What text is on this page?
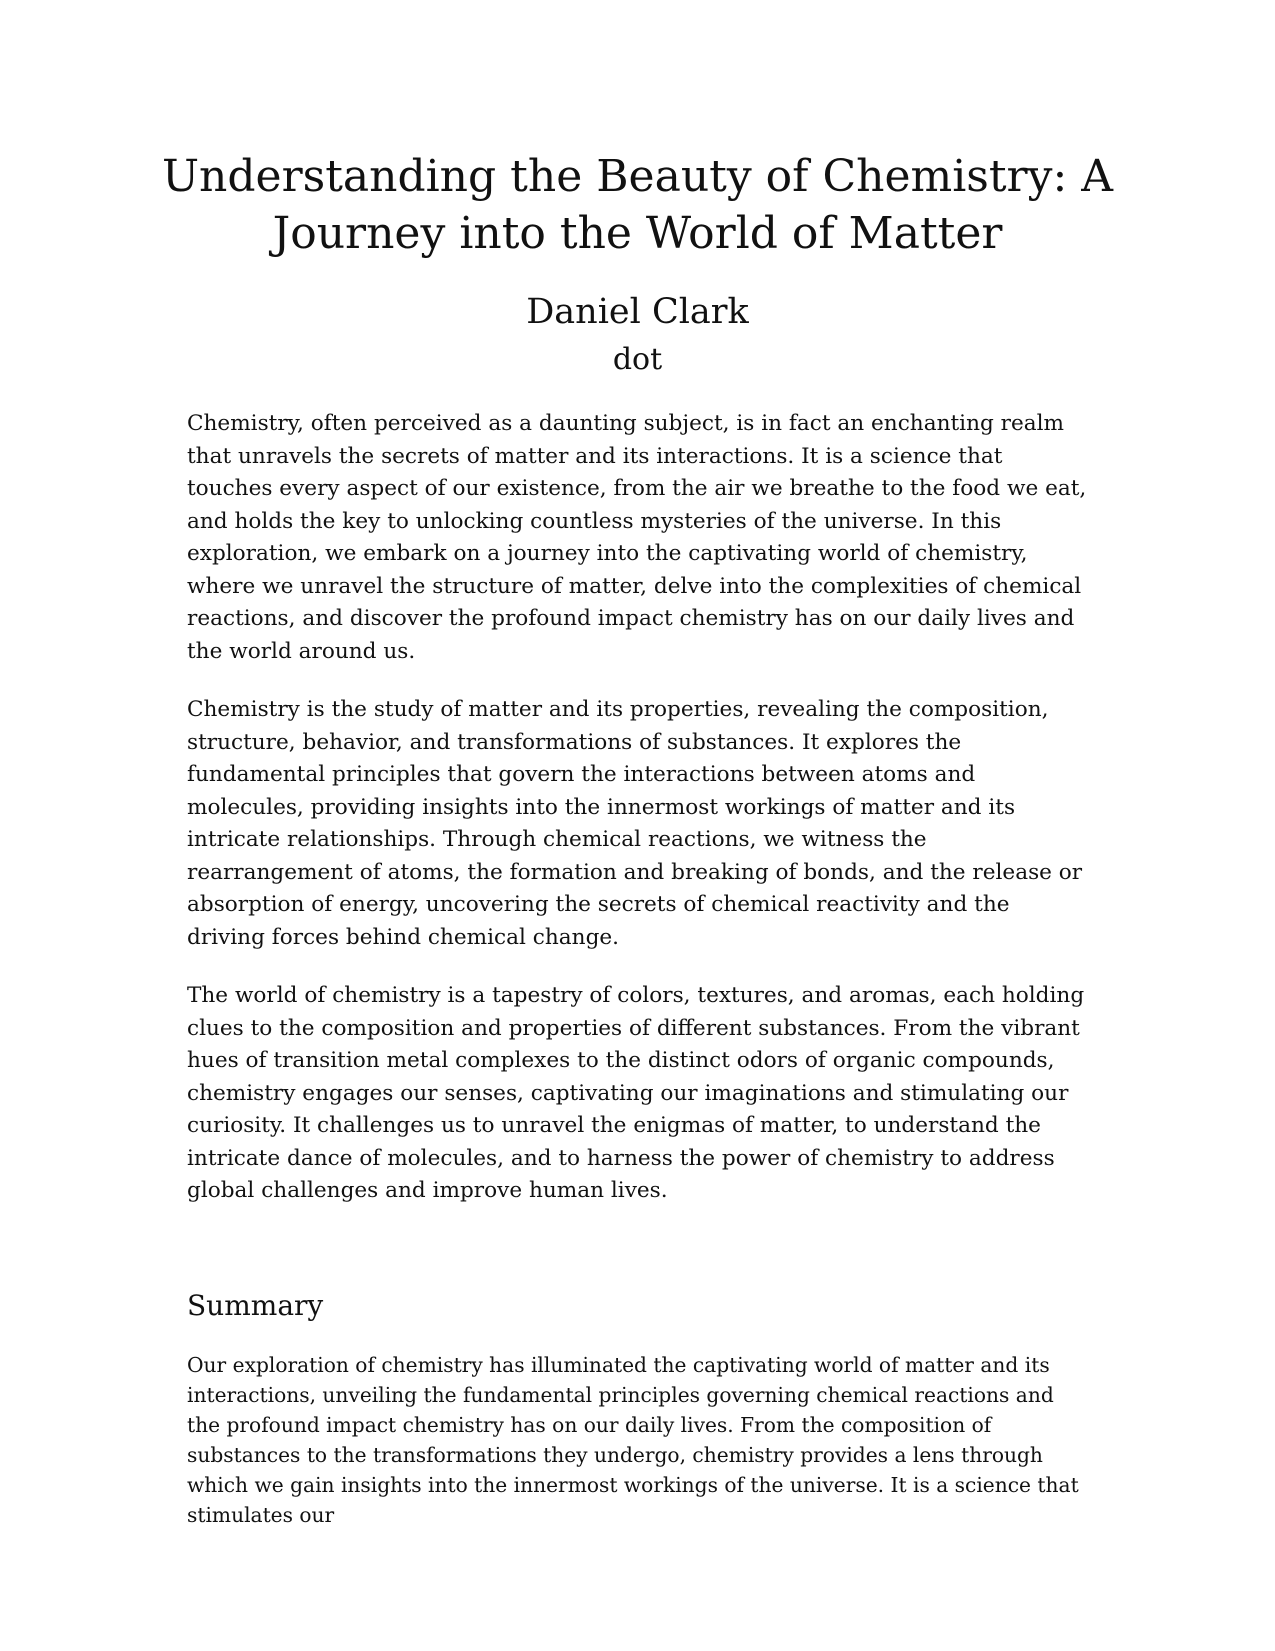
Understanding the Beauty of Chemistry: A Journey into the World of Matter
Daniel Clark
dot

Chemistry, often perceived as a daunting subject, is in fact an enchanting realm that unravels the secrets of matter and its interactions. It is a science that touches every aspect of our existence, from the air we breathe to the food we eat, and holds the key to unlocking countless mysteries of the universe. In this exploration, we embark on a journey into the captivating world of chemistry, where we unravel the structure of matter, delve into the complexities of chemical reactions, and discover the profound impact chemistry has on our daily lives and the world around us.

Chemistry is the study of matter and its properties, revealing the composition, structure, behavior, and transformations of substances. It explores the fundamental principles that govern the interactions between atoms and molecules, providing insights into the innermost workings of matter and its intricate relationships. Through chemical reactions, we witness the rearrangement of atoms, the formation and breaking of bonds, and the release or absorption of energy, uncovering the secrets of chemical reactivity and the driving forces behind chemical change.

The world of chemistry is a tapestry of colors, textures, and aromas, each holding clues to the composition and properties of different substances. From the vibrant hues of transition metal complexes to the distinct odors of organic compounds, chemistry engages our senses, captivating our imaginations and stimulating our curiosity. It challenges us to unravel the enigmas of matter, to understand the intricate dance of molecules, and to harness the power of chemistry to address global challenges and improve human lives.

Summary

Our exploration of chemistry has illuminated the captivating world of matter and its interactions, unveiling the fundamental principles governing chemical reactions and the profound impact chemistry has on our daily lives. From the composition of substances to the transformations they undergo, chemistry provides a lens through which we gain insights into the innermost workings of the universe. It is a science that stimulates our
